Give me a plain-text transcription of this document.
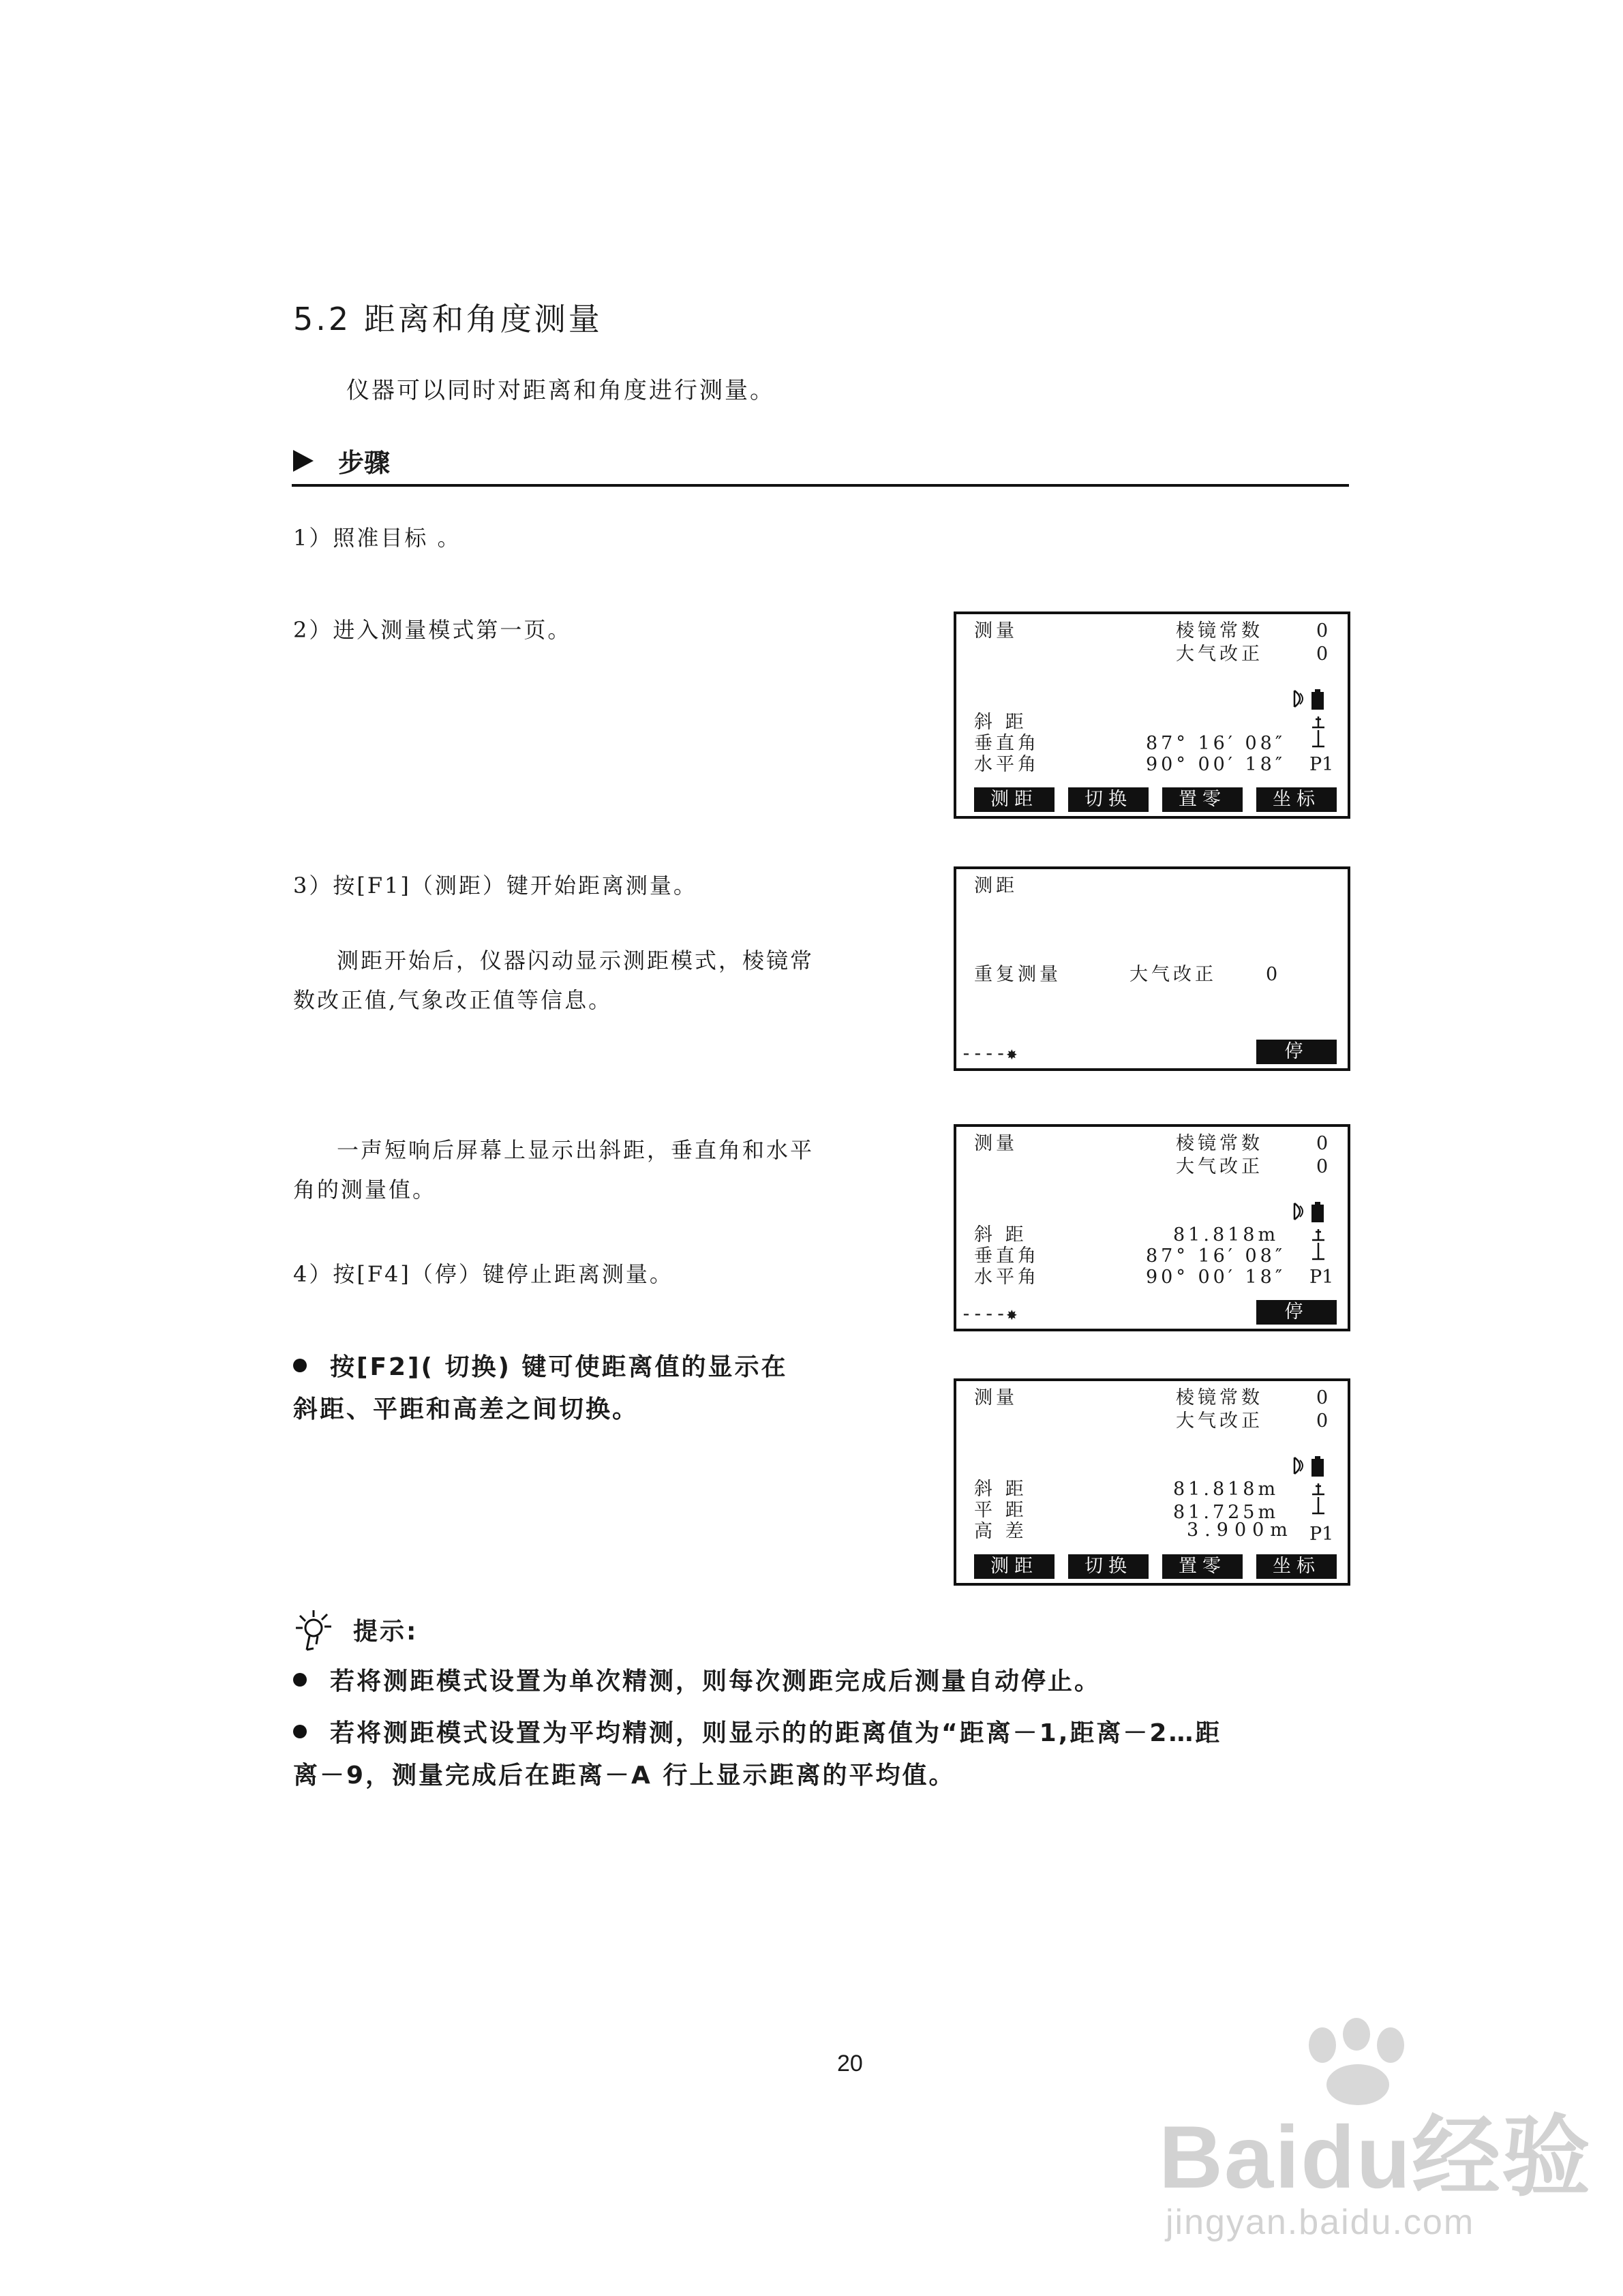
5.2 距离和角度测量
仪器可以同时对距离和角度进行测量。
步骤
1）照准目标 。
2）进入测量模式第一页。
3）按[F1]（测距）键开始距离测量。
测距开始后，仪器闪动显示测距模式，棱镜常
数改正值,气象改正值等信息。
一声短响后屏幕上显示出斜距，垂直角和水平
角的测量值。
4）按[F4]（停）键停止距离测量。
按[F2]( 切换) 键可使距离值的显示在
斜距、平距和高差之间切换。
测量	棱镜常数	0
大气改正	0
斜 距
垂直角	87° 16′ 08″
水平角	90° 00′ 18″ P1
测距	切换	置零	坐标
测距
重复测量	大气改正	0
----✸	停
测量	棱镜常数	0
大气改正	0
斜 距	81.818m
垂直角	87° 16′ 08″
水平角	90° 00′ 18″ P1
----✸	停
测量	棱镜常数	0
大气改正	0
斜 距	81.818m
平 距	81.725m
高 差	3.900m P1
测距	切换	置零	坐标
提示:
若将测距模式设置为单次精测，则每次测距完成后测量自动停止。
若将测距模式设置为平均精测，则显示的的距离值为“距离－1,距离－2…距
离－9，测量完成后在距离－A 行上显示距离的平均值。
20
Baidu经验
jingyan.baidu.com
